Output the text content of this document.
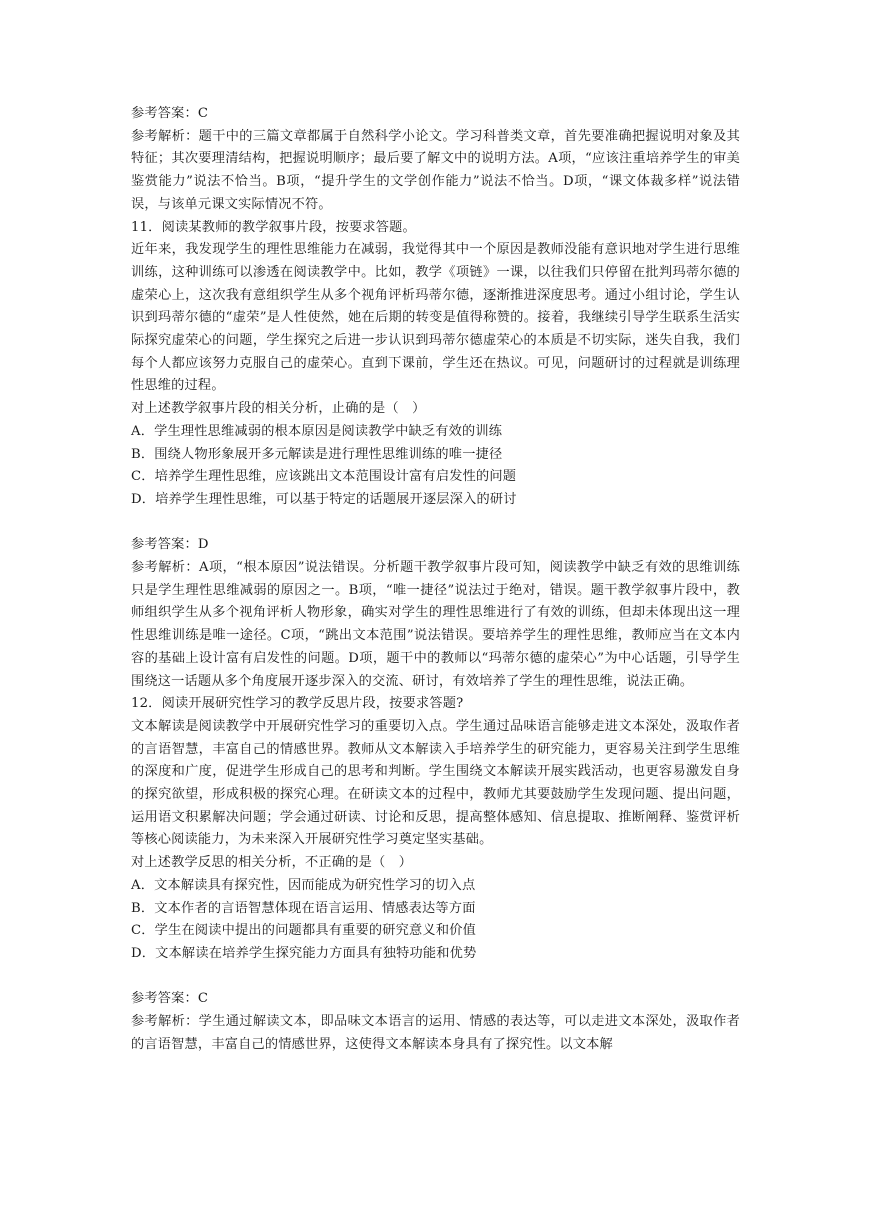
参考答案：C

参考解析：题干中的三篇文章都属于自然科学小论文。学习科普类文章，首先要准确把握说明对象及其特征；其次要理清结构，把握说明顺序；最后要了解文中的说明方法。A项，“应该注重培养学生的审美鉴赏能力”说法不恰当。B项，“提升学生的文学创作能力”说法不恰当。D项，“课文体裁多样”说法错误，与该单元课文实际情况不符。

11．阅读某教师的教学叙事片段，按要求答题。

近年来，我发现学生的理性思维能力在减弱，我觉得其中一个原因是教师没能有意识地对学生进行思维训练，这种训练可以渗透在阅读教学中。比如，教学《项链》一课，以往我们只停留在批判玛蒂尔德的虚荣心上，这次我有意组织学生从多个视角评析玛蒂尔德，逐渐推进深度思考。通过小组讨论，学生认识到玛蒂尔德的“虚荣”是人性使然，她在后期的转变是值得称赞的。接着，我继续引导学生联系生活实际探究虚荣心的问题，学生探究之后进一步认识到玛蒂尔德虚荣心的本质是不切实际，迷失自我，我们每个人都应该努力克服自己的虚荣心。直到下课前，学生还在热议。可见，问题研讨的过程就是训练理性思维的过程。

对上述教学叙事片段的相关分析，止确的是（　）

A．学生理性思维减弱的根本原因是阅读教学中缺乏有效的训练

B．围绕人物形象展开多元解读是进行理性思维训练的唯一捷径

C．培养学生理性思维，应该跳出文本范围设计富有启发性的问题

D．培养学生理性思维，可以基于特定的话题展开逐层深入的研讨

参考答案：D

参考解析：A项，“根本原因”说法错误。分析题干教学叙事片段可知，阅读教学中缺乏有效的思维训练只是学生理性思维减弱的原因之一。B项，“唯一捷径”说法过于绝对，错误。题干教学叙事片段中，教师组织学生从多个视角评析人物形象，确实对学生的理性思维进行了有效的训练，但却未体现出这一理性思维训练是唯一途径。C项，“跳出文本范围”说法错误。要培养学生的理性思维，教师应当在文本内容的基础上设计富有启发性的问题。D项，题干中的教师以“玛蒂尔德的虚荣心”为中心话题，引导学生围绕这一话题从多个角度展开逐步深入的交流、研讨，有效培养了学生的理性思维，说法正确。

12．阅读开展研究性学习的教学反思片段，按要求答题?

文本解读是阅读教学中开展研究性学习的重要切入点。学生通过品味语言能够走进文本深处，汲取作者的言语智慧，丰富自己的情感世界。教师从文本解读入手培养学生的研究能力，更容易关注到学生思维的深度和广度，促进学生形成自己的思考和判断。学生围绕文本解读开展实践活动，也更容易激发自身的探究欲望，形成积极的探究心理。在研读文本的过程中，教师尤其要鼓励学生发现问题、提出问题，运用语文积累解决问题；学会通过研读、讨论和反思，提高整体感知、信息提取、推断阐释、鉴赏评析等核心阅读能力，为未来深入开展研究性学习奠定坚实基础。

对上述教学反思的相关分析，不正确的是（　）

A．文本解读具有探究性，因而能成为研究性学习的切入点

B．文本作者的言语智慧体现在语言运用、情感表达等方面

C．学生在阅读中提出的问题都具有重要的研究意义和价值

D．文本解读在培养学生探究能力方面具有独特功能和优势

参考答案：C

参考解析：学生通过解读文本，即品味文本语言的运用、情感的表达等，可以走进文本深处，汲取作者的言语智慧，丰富自己的情感世界，这使得文本解读本身具有了探究性。以文本解
